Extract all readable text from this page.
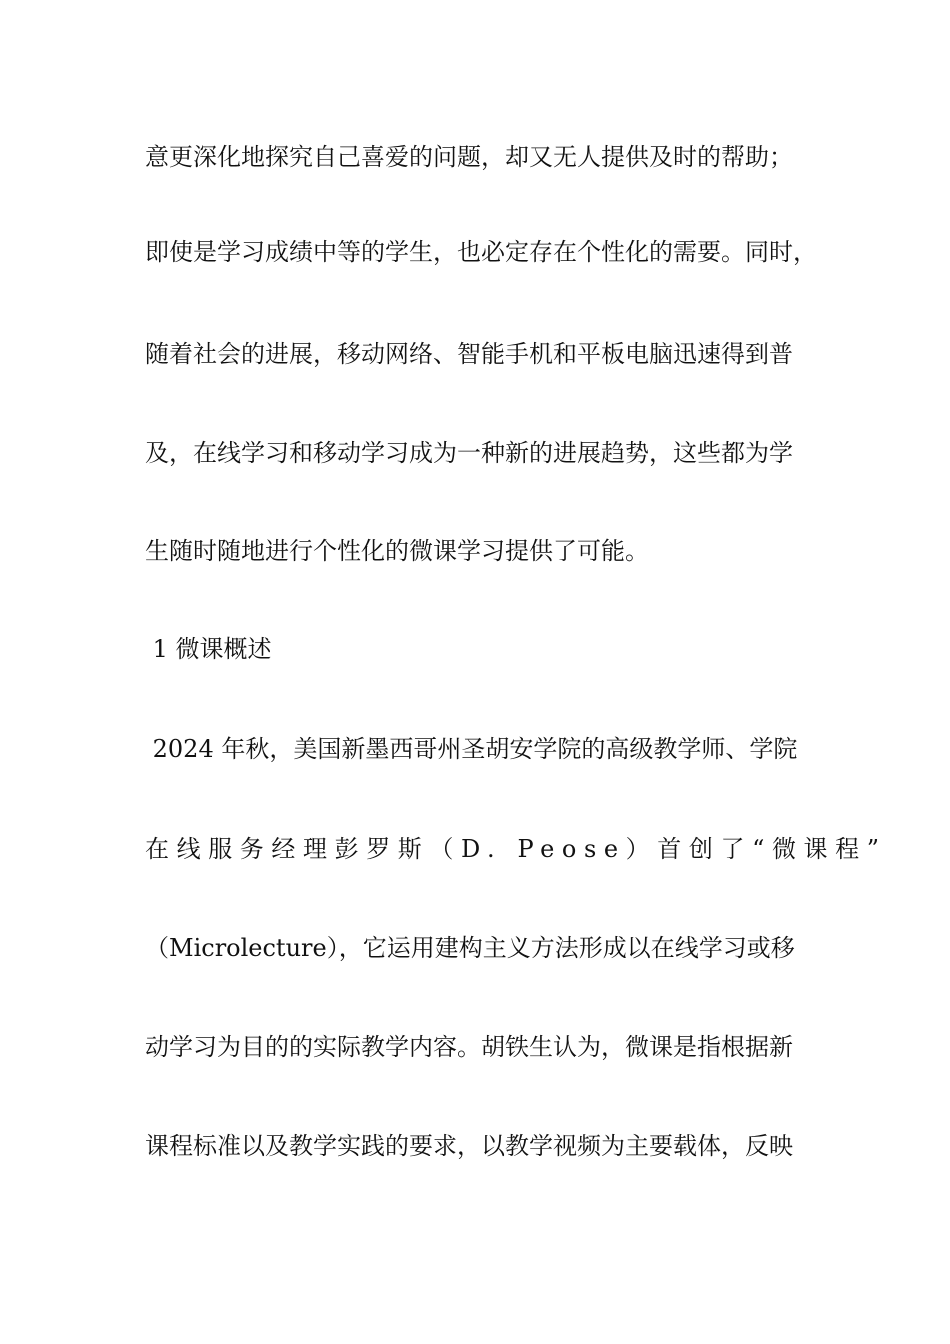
意更深化地探究自己喜爱的问题，却又无人提供及时的帮助；
即使是学习成绩中等的学生，也必定存在个性化的需要。同时，
随着社会的进展，移动网络、智能手机和平板电脑迅速得到普
及，在线学习和移动学习成为一种新的进展趋势，这些都为学
生随时随地进行个性化的微课学习提供了可能。
1 微课概述
2024 年秋，美国新墨西哥州圣胡安学院的高级教学师、学院
在线服务经理彭罗斯（D. Peose）首创了“微课程”
（Microlecture），它运用建构主义方法形成以在线学习或移
动学习为目的的实际教学内容。胡铁生认为，微课是指根据新
课程标准以及教学实践的要求，以教学视频为主要载体，反映
